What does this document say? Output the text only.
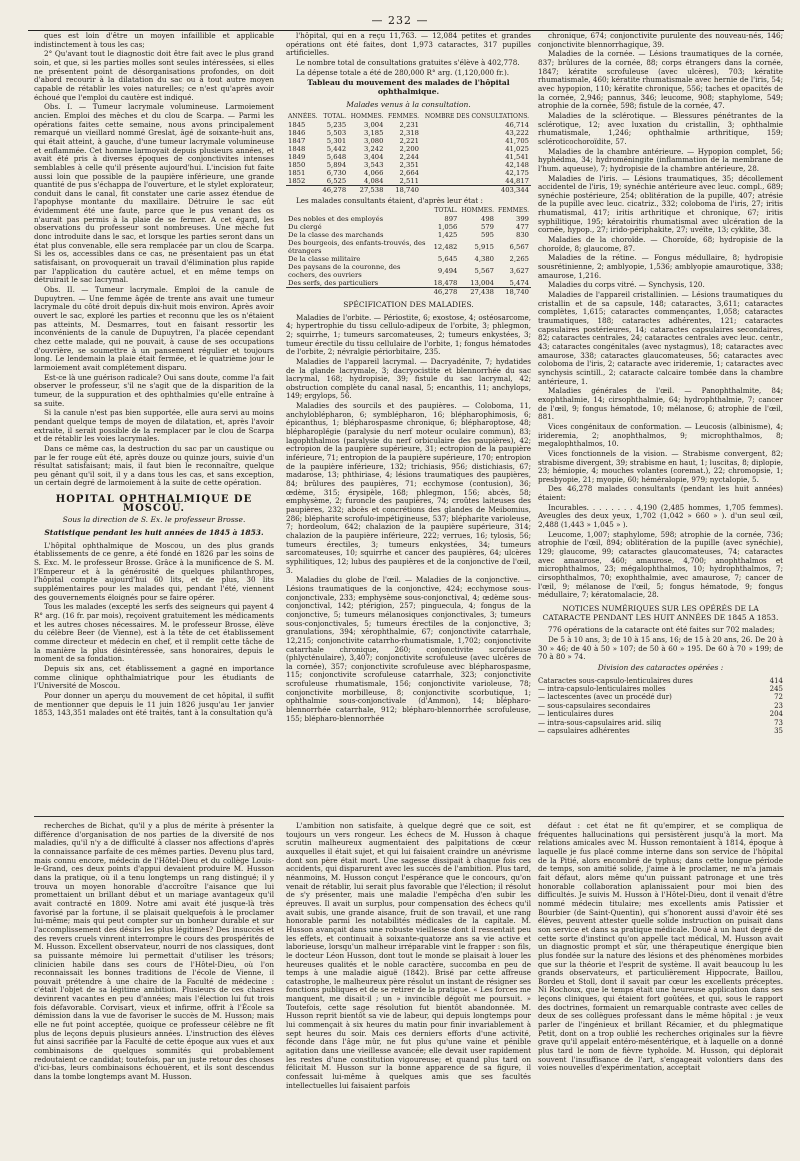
— 232 —

ques est loin d'être un moyen infaillible et applicable indistinctement à tous les cas;

2° Qu'avant tout le diagnostic doit être fait avec le plus grand soin, et que, si les parties molles sont seules intéressées, si elles ne présentent point de désorganisations profondes, on doit d'abord recourir à la dilatation du sac ou à tout autre moyen capable de rétablir les voies naturelles; ce n'est qu'après avoir échoué que l'emploi du cautère est indiqué.

Obs. I. — Tumeur lacrymale volumineuse. Larmoiement ancien. Emploi des mèches et du clou de Scarpa. — Parmi les opérations faites cette semaine, nous avons principalement remarqué un vieillard nommé Greslat, âgé de soixante-huit ans, qui était atteint, à gauche, d'une tumeur lacrymale volumineuse et enflammée. Cet homme larmoyait depuis plusieurs années, et avait été pris à diverses époques de conjonctivites intenses semblables à celle qu'il présente aujourd'hui. L'incision fut faite aussi loin que possible de la paupière inférieure, une grande quantité de pus s'échappa de l'ouverture, et le stylet explorateur, conduit dans le canal, fit constater une carie assez étendue de l'apophyse montante du maxillaire. Détruire le sac eût évidemment été une faute, parce que le pus venant des os n'aurait pas permis à la plaie de se fermer. A cet égard, les observations du professeur sont nombreuses. Une mèche fut donc introduite dans le sac, et lorsque les parties seront dans un état plus convenable, elle sera remplacée par un clou de Scarpa. Si les os, accessibles dans ce cas, ne présentaient pas un état satisfaisant, on provoquerait un travail d'élimination plus rapide par l'application du cautère actuel, et en même temps on détruirait le sac lacrymal.

Obs. II. — Tumeur lacrymale. Emploi de la canule de Dupuytren. — Une femme âgée de trente ans avait une tumeur lacrymale du côté droit depuis dix-huit mois environ. Après avoir ouvert le sac, exploré les parties et reconnu que les os n'étaient pas atteints, M. Desmarres, tout en faisant ressortir les inconvénients de la canule de Dupuytren, l'a placée cependant chez cette malade, qui ne pouvait, à cause de ses occupations d'ouvrière, se soumettre à un pansement régulier et toujours long. Le lendemain la plaie était fermée, et le quatrième jour le larmoiement avait complétement disparu.

Est-ce là une guérison radicale? Oui sans doute, comme l'a fait observer le professeur, s'il ne s'agit que de la disparition de la tumeur, de la suppuration et des ophthalmies qu'elle entraîne à sa suite.

Si la canule n'est pas bien supportée, elle aura servi au moins pendant quelque temps de moyen de dilatation, et, après l'avoir extraite, il serait possible de la remplacer par le clou de Scarpa et de rétablir les voies lacrymales.

Dans ce même cas, la destruction du sac par un caustique ou par le fer rouge eût été, après douze ou quinze jours, suivie d'un résultat satisfaisant; mais, il faut bien le reconnaître, quelque peu gênant qu'il soit, il y a dans tous les cas, et sans exception, un certain degré de larmoiement à la suite de cette opération.

HOPITAL OPHTHALMIQUE DE MOSCOU.
Sous la direction de S. Ex. le professeur Brosse.
Statistique pendant les huit années de 1845 à 1853.

L'hôpital ophthalmique de Moscou, un des plus grands établissements de ce genre, a été fondé en 1826 par les soins de S. Exc. M. le professeur Brosse. Grâce à la munificence de S. M. l'Empereur et à la générosité de quelques philanthropes, l'hôpital compte aujourd'hui 60 lits, et de plus, 30 lits supplémentaires pour les malades qui, pendant l'été, viennent des gouvernements éloignés pour se faire opérer.

Tous les malades (excepté les serfs des seigneurs qui payent 4 R° arg. (16 fr. par mois), reçoivent gratuitement les médicaments et les autres choses nécessaires. M. le professeur Brosse, élève du célèbre Beer (de Vienne), est à la tête de cet établissement comme directeur et médecin en chef, et il remplit cette tâche de la manière la plus désintéressée, sans honoraires, depuis le moment de sa fondation.

Depuis six ans, cet établissement a gagné en importance comme clinique ophthalmiatrique pour les étudiants de l'Université de Moscou.

Pour donner un aperçu du mouvement de cet hôpital, il suffit de mentionner que depuis le 11 juin 1826 jusqu'au 1er janvier 1853, 143,351 malades ont été traités, tant à la consultation qu'à

l'hôpital, qui en a reçu 11,763. — 12,084 petites et grandes opérations ont été faites, dont 1,973 cataractes, 317 pupilles artificielles.

Le nombre total de consultations gratuites s'élève à 402,778.

La dépense totale a été de 280,000 R° arg. (1,120,000 fr.).

Tableau du mouvement des malades de l'hôpital ophthalmique.
Malades venus à la consultation.
ANNÉES.	TOTAL.	HOMMES.	FEMMES.	NOMBRE DES CONSULTATIONS.
1845	5,235	3,004	2,231	46,714
1846	5,503	3,185	2,318	43,222
1847	5,301	3,080	2,221	41,705
1848	5,442	3,242	2,200	41,025
1849	5,648	3,404	2,244	41,541
1850	5,894	3,543	2,351	42,148
1851	6,730	4,066	2,664	42,175
1852	6,525	4,084	2,511	44,817
	46,278	27,538	18,740	403,344

Les malades consultants étaient, d'après leur état :

	TOTAL.	HOMMES.	FEMMES.
Des nobles et des employés	897	498	399
Du clergé	1,056	579	477
De la classe des marchands	1,425	595	830
Des bourgeois, des enfants-trouvés, des étrangers	12,482	5,915	6,567
De la classe militaire	5,645	4,380	2,265
Des paysans de la couronne, des cochers, des ouvriers	9,494	5,567	3,627
Des serfs, des particuliers	18,478	13,004	5,474
	46,278	27,438	18,740
SPÉCIFICATION DES MALADIES.

Maladies de l'orbite. — Périostite, 6; exostose, 4; ostéosarcome, 4; hypertrophie du tissu cellulo-adipeux de l'orbite, 3; phlegmon, 2; squirrhe, 1; tumeurs sarcomateuses, 2; tumeurs enkystées, 3; tumeur érectile du tissu cellulaire de l'orbite, 1; fongus hématodes de l'orbite, 2; névralgie périorbitaire, 235.

Maladies de l'appareil lacrymal. — Dacryadénite, 7; hydatides de la glande lacrymale, 3; dacryocistite et blennorrhée du sac lacrymal, 168; hydropisie, 39; fistule du sac lacrymal, 42; obstruction complète du canal nasal, 5; encanthis, 11; anchylops, 149; ergylops, 56.

Maladies des sourcils et des paupières. — Coloboma, 11, anchyloblépharon, 6; symblépharon, 16; blépharophimosis, 6; épicanthus, 1; blépharospasme chronique, 6; blépharoptose, 48; blépharoplégie (paralysie du nerf moteur oculaire commun), 83; lagophthalmos (paralysie du nerf orbiculaire des paupières), 42; ectropion de la paupière supérieure, 31; ectropion de la paupière inférieure, 71; entropion de la paupière supérieure, 170; entropion de la paupière inférieure, 132; trichiasis, 956; distichiasis, 67; madarose, 13; phthiriase, 4; lésions traumatiques des paupières, 84; brûlures des paupières, 71; ecchymose (contusion), 36; œdème, 315; érysipèle, 168; phlegmon, 156; abcès, 58; emphysème, 2; furoncle des paupières, 74; croûtes laiteuses des paupières, 232; abcès et concrétions des glandes de Meibomius, 286; blépharite scrofulo-impétigineuse, 537; blépharite varioleuse, 7; hordeolum, 642; chalazion de la paupière supérieure, 314; chalazion de la paupière inférieure, 222; verrues, 16; tylosis, 56; tumeurs érectiles, 3; tumeurs enkystées, 34; tumeurs sarcomateuses, 10; squirrhe et cancer des paupières, 64; ulcères syphilitiques, 12; lubus des paupières et de la conjonctive de l'œil, 3.

Maladies du globe de l'œil. — Maladies de la conjonctive. — Lésions traumatiques de la conjonctive, 424; ecchymose sous-conjonctivale, 233; emphysème sous-conjonctival, 4; œdème sous-conjonctival, 142; ptérigion, 257; pinguecula, 4; fongus de la conjonctive, 5; tumeurs mélanosiques conjonctivales, 3; tumeurs sous-conjonctivales, 5; tumeurs érectiles de la conjonctive, 3; granulations, 394; xérophthalmie, 67; conjonctivite catarrhale, 12,215; conjonctivite catarrho-rhumatismale, 1,702; conjonctivite catarrhale chronique, 260; conjonctivite scrofuleuse (phlycténulaire), 3,407; conjonctivite scrofuleuse (avec ulcères de la cornée), 357; conjonctivite scrofuleuse avec blépharospasme, 115; conjonctivite scrofuleuse catarrhale, 323; conjonctivite scrofuleuse rhumatismale, 156; conjonctivite varioleuse, 78; conjonctivite morbilleuse, 8; conjonctivite scorbutique, 1; ophthalmie sous-conjonctivale (d'Ammon), 14; blépharo-blennorrhée catarrhale, 912; blépharo-blennorrhée scrofuleuse, 155; blépharo-blennorrhée

chronique, 674; conjonctivite purulente des nouveau-nés, 146; conjonctivite blennorrhagique, 39.

Maladies de la cornée. — Lésions traumatiques de la cornée, 837; brûlures de la cornée, 88; corps étrangers dans la cornée, 1847; kératite scrofuleuse (avec ulcères), 703; kératite rhumatismale, 460; kératite rhumatismale avec hernie de l'iris, 54; avec hypopion, 110; kératite chronique, 556; taches et opacités de la cornée, 2,946; pannus, 346; leucome, 908; staphylome, 549; atrophie de la cornée, 598; fistule de la cornée, 47.

Maladies de la sclérotique. — Blessures pénétrantes de la sclérotique, 12; avec luxation du cristallin, 3; ophthalmie rhumatismale, 1,246; ophthalmie arthritique, 159; scléroticochoroïdite, 57.

Maladies de la chambre antérieure. — Hypopion complet, 56; hyphédma, 34; hydroméningite (inflammation de la membrane de l'hum. aqueuse), 7; hydropisie de la chambre antérieure, 28.

Maladies de l'iris. — Lésions traumatiques, 35; décollement accidentel de l'iris, 19; synéchie antérieure avec leuc. compl., 689; synéchie postérieure, 254; oblitération de la pupille, 407; atrésie de la pupille avec leuc. cicatriz., 332; coloboma de l'iris, 27; iritis rhumatismal, 417; iritis arthritique et chronique, 67; iritis syphilitique, 195; kératoiritis rhumatismal avec ulcération de la cornée, hypop., 27; irido-périphakite, 27; uvéïte, 13; cyklite, 38.

Maladies de la choroïde. — Choroïde, 68; hydropisie de la choroïde, 8; glaucome, 87.

Maladies de la rétine. — Fongus médullaire, 8; hydropisie sousrétinienne, 2; amblyopie, 1,536; amblyopie amaurotique, 338; amaurose, 1,216.

Maladies du corps vitré. — Synchysis, 120.

Maladies de l'appareil cristallinien. — Lésions traumatiques du cristallin et de sa capsule, 148; cataractes, 3,611; cataractes complètes, 1,615; cataractes commençantes, 1,058; cataractes traumatiques, 188; cataractes adhérentes, 121; cataractes capsulaires postérieures, 14; cataractes capsulaires secondaires, 82; cataractes centrales, 24; cataractes centrales avec leuc. centr., 43; cataractes congénitales (avec nystagmus), 18; cataractes avec amaurose, 338; cataractes glaucomateuses, 56; cataractes avec coloboma de l'iris, 2; cataracte avec irideremie, 1; cataractes avec synchysis scintill., 2; cataracte calcaire tombée dans la chambre antérieure, 1.

Maladies générales de l'œil. — Panophthalmite, 84; exophthalmie, 14; cirsophthalmie, 64; hydrophthalmie, 7; cancer de l'œil, 9; fongus hématode, 10; mélanose, 6; atrophie de l'œil, 881.

Vices congénitaux de conformation. — Leucosis (albinisme), 4; irideremia, 2; anophthalmos, 9; microphthalmos, 8; megalophthalmos, 10.

Vices fonctionnels de la vision. — Strabisme convergent, 82; strabisme divergent, 39; strabisme en haut, 1; luscitas, 8; diplopie, 23; hémiopie, 4; mouches volantes (coremat.), 22; chromopsie, 1; presbyopie, 21; myopie, 60; héméralopie, 979; nyctalopie, 5.

Des 46,278 malades consultants (pendant les huit années) étaient:

Incurables. . . . . . . . 4,190 (2,485 hommes, 1,705 femmes). Aveugles des deux yeux, 1,702 (1,042 » 660 » ). d'un seul œil, 2,488 (1,443 » 1,045 » ).

Leucome, 1,007; staphylome, 598; atrophie de la cornée, 736; atrophie de l'œil, 894; oblitération de la pupille (avec synéchie), 129; glaucome, 99; cataractes glaucomateuses, 74; cataractes avec amaurose, 460; amaurose, 4,700; anophthalmos et microphthalmos, 23; mégalophthalmos, 10; hydrophthalmos, 7; cirsophthalmos, 70; exophthalmie, avec amaurose, 7; cancer de l'œil, 9; mélanose de l'œil, 5; fongus hématode, 9; fongus médullaire, 7; kératomalacie, 28.

NOTICES NUMÉRIQUES SUR LES OPÉRÉS DE LA CATARACTE PENDANT LES HUIT ANNÉES DE 1845 A 1853.

776 opérations de la cataracte ont été faites sur 702 malades;

De 5 à 10 ans, 3; de 10 à 15 ans, 16; de 15 à 20 ans, 26. De 20 à 30 » 46; de 40 à 50 » 107; de 50 à 60 » 195. De 60 à 70 » 199; de 70 à 80 » 74.

Division des cataractes opérées :
Cataractes sous-capsulo-lenticulaires dures	414
— intra-capsulo-lenticulaires molles	245
— lactescentes (avec un procédé dur)	72
— sous-capsulaires secondaires	23
— lenticulaires dures	204
— intra-sous-capsulaires arid. siliq	73
— capsulaires adhérentes	35

recherches de Bichat, qu'il y a plus de mérite à présenter la différence d'organisation de nos parties de la diversité de nos maladies, qu'il n'y a de difficulté à classer nos affections d'après la connaissance parfaite de ces mêmes parties. Devenu plus tard, mais connu encore, médecin de l'Hôtel-Dieu et du collège Louis-le-Grand, ces deux points d'appui devaient produire M. Husson dans la pratique, où il a tenu longtemps un rang distingué; il y trouva un moyen honorable d'accroître l'aisance que lui promettaient un brillant début et un mariage avantageux qu'il avait contracté en 1809. Notre ami avait été jusque-là très favorisé par la fortune, il se plaisait quelquefois à le proclamer lui-même; mais qui peut compter sur un bonheur durable et sur l'accomplissement des désirs les plus légitimes? Des insuccès et des revers cruels vinrent interrompre le cours des prospérités de M. Husson. Excellent observateur, nourri de nos classiques, dont sa puissante mémoire lui permettait d'utiliser les trésors; clinicien habile dans ses cours de l'Hôtel-Dieu, où l'on reconnaissait les bonnes traditions de l'école de Vienne, il pouvait prétendre à une chaire de la Faculté de médecine : c'était l'objet de sa légitime ambition. Plusieurs de ces chaires devinrent vacantes en peu d'années; mais l'élection lui fut trois fois défavorable. Corvisart, vieux et infirme, offrit à l'École sa démission dans la vue de favoriser le succès de M. Husson; mais elle ne fut point acceptée, quoique ce professeur célèbre ne fît plus de leçons depuis plusieurs années. L'instruction des élèves fut ainsi sacrifiée par la Faculté de cette époque aux vues et aux combinaisons de quelques sommités qui probablement redoutaient ce candidat; toutefois, par un juste retour des choses d'ici-bas, leurs combinaisons échouèrent, et ils sont descendus dans la tombe longtemps avant M. Husson.

L'ambition non satisfaite, à quelque degré que ce soit, est toujours un vers rongeur. Les échecs de M. Husson à chaque scrutin malheureux augmentaient des palpitations de cœur auxquelles il était sujet, et qui lui faisaient craindre un anévrisme dont son père était mort. Une sagesse dissipait à chaque fois ces accidents, qui disparurent avec les succès de l'ambition. Plus tard, néanmoins, M. Husson conçut l'espérance que le concours, qu'on venait de rétablir, lui serait plus favorable que l'élection; il résolut de s'y présenter, mais une maladie l'empêcha d'en subir les épreuves. Il avait un surplus, pour compensation des échecs qu'il avait subis, une grande aisance, fruit de son travail, et une rang honorable parmi les notabilités médicales de la capitale. M. Husson avançait dans une robuste vieillesse dont il ressentait peu les effets, et continuait à soixante-quatorze ans sa vie active et laborieuse, lorsqu'un malheur irréparable vint le frapper : son fils, le docteur Léon Husson, dont tout le monde se plaisait à louer les heureuses qualités et le noble caractère, succomba en peu de temps à une maladie aiguë (1842). Brisé par cette affreuse catastrophe, le malheureux père résolut un instant de résigner ses fonctions publiques et de se retirer de la pratique. « Les forces me manquent, me disait-il ; un » invincible dégoût me poursuit. » Toutefois, cette sage résolution fut bientôt abandonnée. M. Husson reprit bientôt sa vie de labeur, qui depuis longtemps pour lui commençait à six heures du matin pour finir invariablement à sept heures du soir. Mais ces derniers efforts d'une activité, féconde dans l'âge mûr, ne fut plus qu'une vaine et pénible agitation dans une vieillesse avancée; elle devait user rapidement les restes d'une constitution vigoureuse; et quand plus tard on félicitait M. Husson sur la bonne apparence de sa figure, il confessait lui-même à quelques amis que ses facultés intellectuelles lui faisaient parfois

défaut : cet état ne fit qu'empirer, et se compliqua de fréquentes hallucinations qui persistèrent jusqu'à la mort. Ma relations amicales avec M. Husson remontaient à 1814, époque à laquelle je fus placé comme interne dans son service de l'hôpital de la Pitié, alors encombré de typhus; dans cette longue période de temps, son amitié solide, j'aime à le proclamer, ne m'a jamais fait défaut, alors même qu'un puissant patronage et une très honorable collaboration aplanissaient pour moi bien des difficultés. Je suivis M. Husson à l'Hôtel-Dieu, dont il venait d'être nommé médecin titulaire; mes excellents amis Patissier et Bourbier (de Saint-Quentin), qui s'honorent aussi d'avoir été ses élèves, peuvent attester quelle solide instruction on puisait dans son service et dans sa pratique médicale. Doué à un haut degré de cette sorte d'instinct qu'on appelle tact médical, M. Husson avait un diagnostic prompt et sûr, une thérapeutique énergique bien plus fondée sur la nature des lésions et des phénomènes morbides que sur la théorie et l'esprit de système. Il avait beaucoup lu les grands observateurs, et particulièrement Hippocrate, Baillou, Bordeu et Stoll, dont il savait par cœur les excellents préceptes. Ni Rochoux, que le temps était une heureuse application dans ses leçons cliniques, qui étaient fort goûtées, et qui, sous le rapport des doctrines, formaient un remarquable contraste avec celles de deux de ses collègues professant dans le même hôpital : je veux parler de l'ingénieux et brillant Récamier, et du phlegmatique Petit, dont on a trop oublié les recherches originales sur la fièvre grave qu'il appelait entéro-mésentérique, et à laquelle on a donné plus tard le nom de fièvre typhoïde. M. Husson, qui déplorait souvent l'insuffisance de l'art, s'engageait volontiers dans des voies nouvelles d'expérimentation, acceptait
